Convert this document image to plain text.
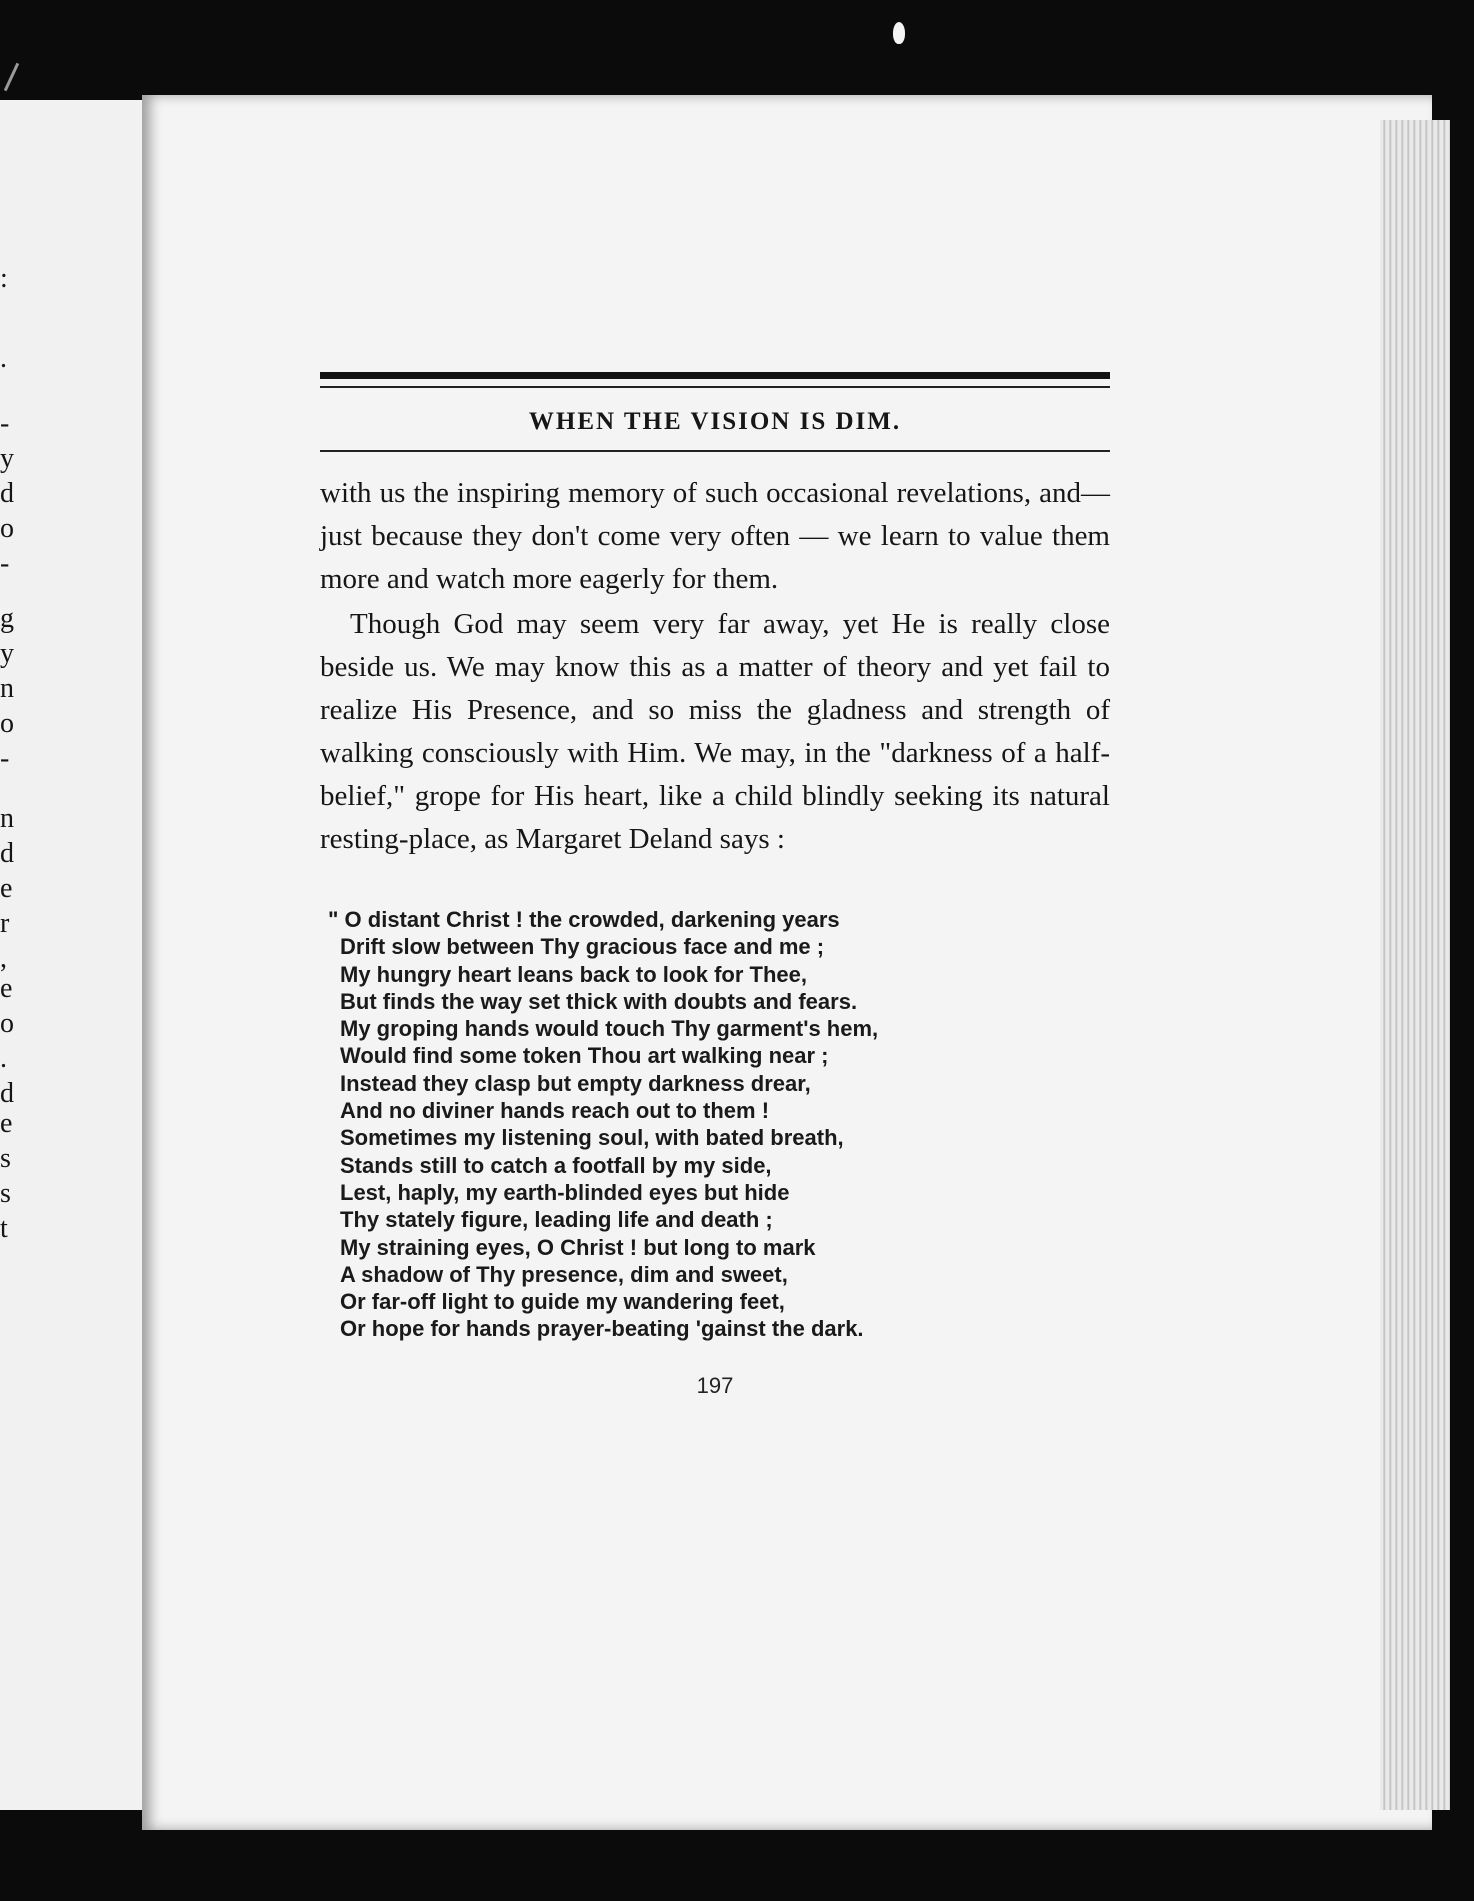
:
.
-
y
d
o
-
g
y
n
o
-
n
d
e
r
,
e
o
.
d
e
s
s
t
WHEN THE VISION IS DIM.

with us the inspiring memory of such occasional revelations, and—just because they don't come very often — we learn to value them more and watch more eagerly for them.

Though God may seem very far away, yet He is really close beside us. We may know this as a matter of theory and yet fail to realize His Presence, and so miss the gladness and strength of walking consciously with Him. We may, in the "darkness of a half-belief," grope for His heart, like a child blindly seeking its natural resting-place, as Margaret Deland says :

" O distant Christ ! the crowded, darkening years
Drift slow between Thy gracious face and me ;
My hungry heart leans back to look for Thee,
But finds the way set thick with doubts and fears.
My groping hands would touch Thy garment's hem,
Would find some token Thou art walking near ;
Instead they clasp but empty darkness drear,
And no diviner hands reach out to them !
Sometimes my listening soul, with bated breath,
Stands still to catch a footfall by my side,
Lest, haply, my earth-blinded eyes but hide
Thy stately figure, leading life and death ;
My straining eyes, O Christ ! but long to mark
A shadow of Thy presence, dim and sweet,
Or far-off light to guide my wandering feet,
Or hope for hands prayer-beating 'gainst the dark.
197
